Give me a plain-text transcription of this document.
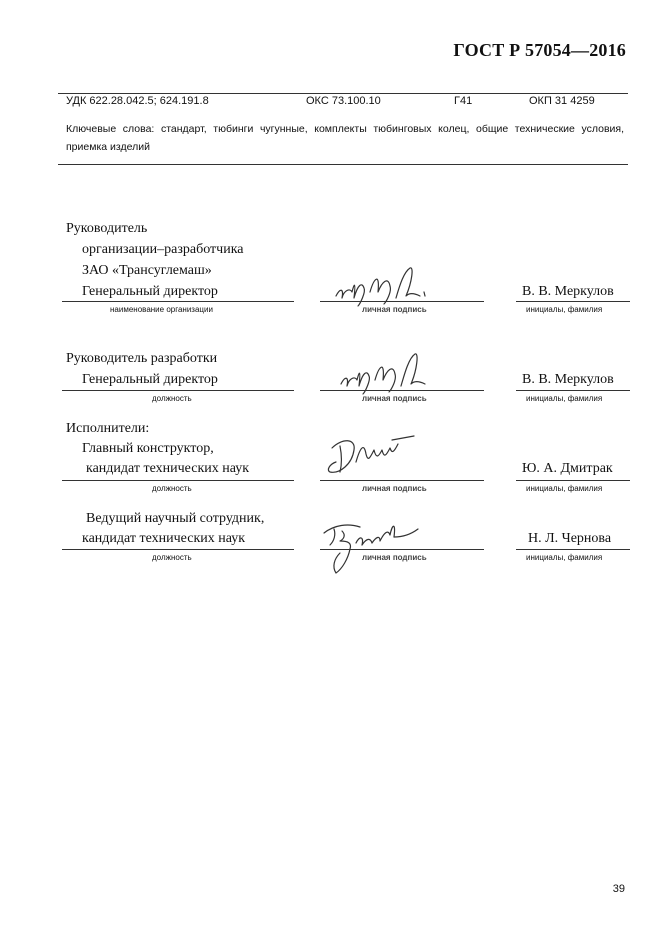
ГОСТ Р 57054—2016
УДК 622.28.042.5; 624.191.8	ОКС 73.100.10	Г41	ОКП 31 4259
Ключевые слова: стандарт, тюбинги чугунные, комплекты тюбинговых колец, общие технические условия, приемка изделий
Руководитель
организации–разработчика
ЗАО «Трансуглемаш»
Генеральный директор	В. В. Меркулов
наименование организации	личная подпись	инициалы, фамилия
Руководитель разработки
Генеральный директор	В. В. Меркулов
должность	личная подпись	инициалы, фамилия
Исполнители:
Главный конструктор,
кандидат технических наук	Ю. А. Дмитрак
должность	личная подпись	инициалы, фамилия
Ведущий научный сотрудник,
кандидат технических наук	Н. Л. Чернова
должность	личная подпись	инициалы, фамилия
39
